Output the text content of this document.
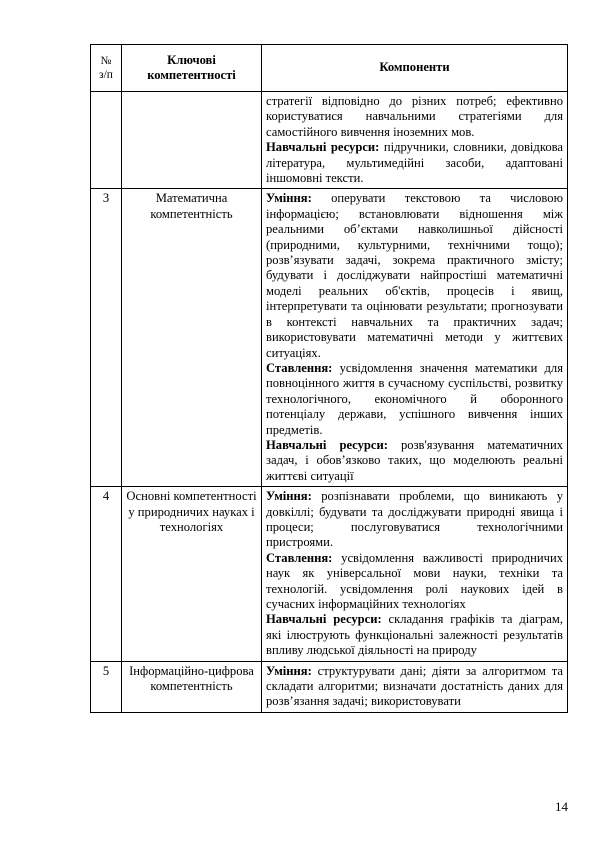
№
з/п	Ключові компетентності	Компоненти

		стратегії відповідно до різних потреб; ефективно користуватися навчальними стратегіями для самостійного вивчення іноземних мов.
Навчальні ресурси: підручники, словники, довідкова література, мультимедійні засоби, адаптовані іншомовні тексти.

3	Математична компетентність	Уміння: оперувати текстовою та числовою інформацією; встановлювати відношення між реальними об’єктами навколишньої дійсності (природними, культурними, технічними тощо); розв’язувати задачі, зокрема практичного змісту; будувати і досліджувати найпростіші математичні моделі реальних об'єктів, процесів і явищ, інтерпретувати та оцінювати результати; прогнозувати в контексті навчальних та практичних задач; використовувати математичні методи у життєвих ситуаціях.
Ставлення: усвідомлення значення математики для повноцінного життя в сучасному суспільстві, розвитку технологічного, економічного й оборонного потенціалу держави, успішного вивчення інших предметів.
Навчальні ресурси: розв'язування математичних задач, і обов’язково таких, що моделюють реальні життєві ситуації

4	Основні компетентності у природничих науках і технологіях	Уміння: розпізнавати проблеми, що виникають у довкіллі; будувати та досліджувати природні явища і процеси; послуговуватися технологічними пристроями.
Ставлення: усвідомлення важливості природничих наук як універсальної мови науки, техніки та технологій. усвідомлення ролі наукових ідей в сучасних інформаційних технологіях
Навчальні ресурси: складання графіків та діаграм, які ілюструють функціональні залежності результатів впливу людської діяльності на природу

5	Інформаційно-цифрова компетентність	Уміння: структурувати дані; діяти за алгоритмом та складати алгоритми; визначати достатність даних для розв’язання задачі; використовувати
14
